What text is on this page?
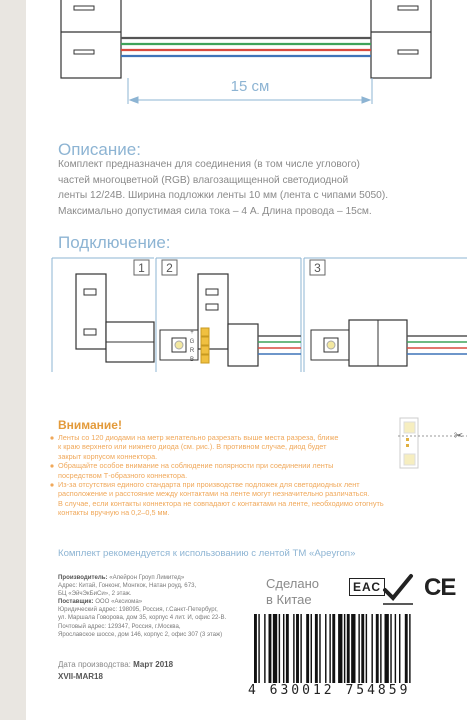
15 см
Описание:
Комплект предназначен для соединения (в том числе углового)
частей многоцветной (RGB) влагозащищенной светодиодной
ленты 12/24В. Ширина подложки ленты 10 мм (лента с чипами 5050).
Максимально допустимая сила тока – 4 А. Длина провода – 15см.
Подключение:
1 2
+
G
R
B
3
Внимание!
Ленты со 120 диодами на метр желательно разрезать выше места разреза, ближе
к краю верхнего или нижнего диода (см. рис.). В противном случае, диод будет
закрыт корпусом коннектора.
Обращайте особое внимание на соблюдение полярности при соединении ленты
посредством Т-образного коннектора.
Из-за отсутствия единого стандарта при производстве подложек для светодиодных лент
расположение и расстояние между контактами на ленте могут незначительно различаться.
В случае, если контакты коннектора не совпадают с контактами на ленте, необходимо отогнуть
контакты вручную на 0,2–0,5 мм.
✂
Комплект рекомендуется к использованию с лентой ТМ «Apeyron»
Производитель: «Апейрон Гроуп Лимитед»
Адрес: Китай, Гонконг, Монгкок, Натан роуд, 673,
БЦ «ЭйчЭкБиСи», 2 этаж.
Поставщик: ООО «Аксиома»
Юридический адрес: 198095, Россия, г.Санкт-Петербург,
ул. Маршала Говорова, дом 35, корпус 4 лит. И, офис 22-В.
Почтовый адрес: 129347, Россия, г.Москва,
Ярославское шоссе, дом 146, корпус 2, офис 307 (3 этаж)
Сделано
в Китае
ЕАС CE
Дата производства: Март 2018
XVII-MAR18
4 630012 754859
